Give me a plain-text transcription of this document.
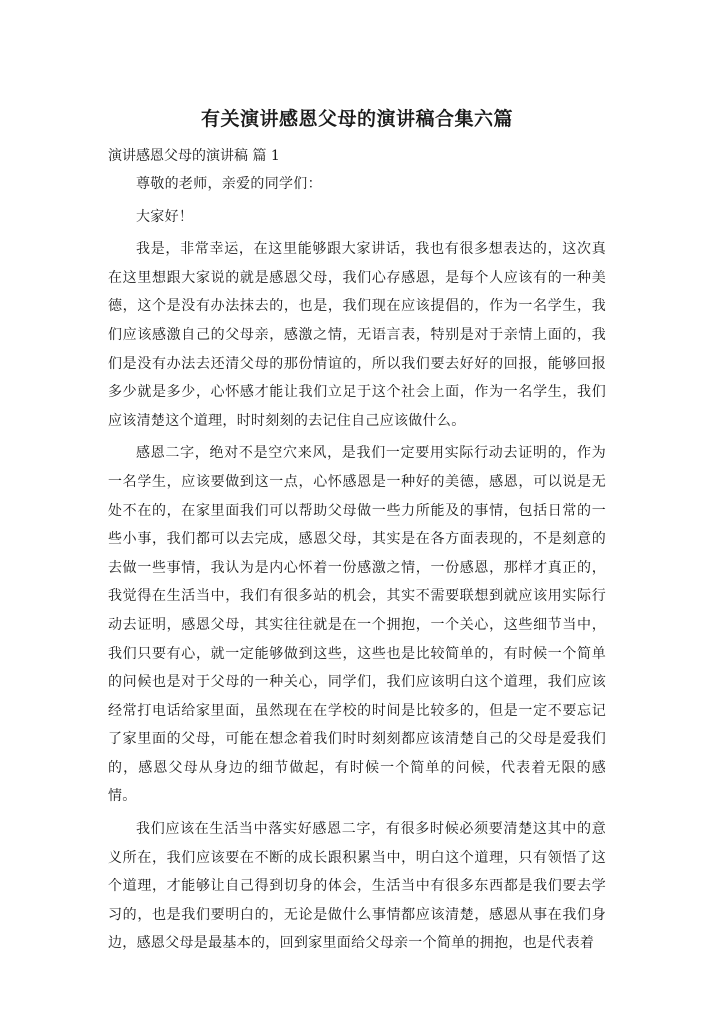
有关演讲感恩父母的演讲稿合集六篇

演讲感恩父母的演讲稿 篇 1

尊敬的老师，亲爱的同学们：

大家好！

我是，非常幸运，在这里能够跟大家讲话，我也有很多想表达的，这次真在这里想跟大家说的就是感恩父母，我们心存感恩，是每个人应该有的一种美德，这个是没有办法抹去的，也是，我们现在应该提倡的，作为一名学生，我们应该感激自己的父母亲，感激之情，无语言表，特别是对于亲情上面的，我们是没有办法去还清父母的那份情谊的，所以我们要去好好的回报，能够回报多少就是多少，心怀感才能让我们立足于这个社会上面，作为一名学生，我们应该清楚这个道理，时时刻刻的去记住自己应该做什么。

感恩二字，绝对不是空穴来风，是我们一定要用实际行动去证明的，作为一名学生，应该要做到这一点，心怀感恩是一种好的美德，感恩，可以说是无处不在的，在家里面我们可以帮助父母做一些力所能及的事情，包括日常的一些小事，我们都可以去完成，感恩父母，其实是在各方面表现的，不是刻意的去做一些事情，我认为是内心怀着一份感激之情，一份感恩，那样才真正的，我觉得在生活当中，我们有很多站的机会，其实不需要联想到就应该用实际行动去证明，感恩父母，其实往往就是在一个拥抱，一个关心，这些细节当中，我们只要有心，就一定能够做到这些，这些也是比较简单的，有时候一个简单的问候也是对于父母的一种关心，同学们，我们应该明白这个道理，我们应该经常打电话给家里面，虽然现在在学校的时间是比较多的，但是一定不要忘记了家里面的父母，可能在想念着我们时时刻刻都应该清楚自己的父母是爱我们的，感恩父母从身边的细节做起，有时候一个简单的问候，代表着无限的感情。

我们应该在生活当中落实好感恩二字，有很多时候必须要清楚这其中的意义所在，我们应该要在不断的成长跟积累当中，明白这个道理，只有领悟了这个道理，才能够让自己得到切身的体会，生活当中有很多东西都是我们要去学习的，也是我们要明白的，无论是做什么事情都应该清楚，感恩从事在我们身边，感恩父母是最基本的，回到家里面给父母亲一个简单的拥抱，也是代表着
